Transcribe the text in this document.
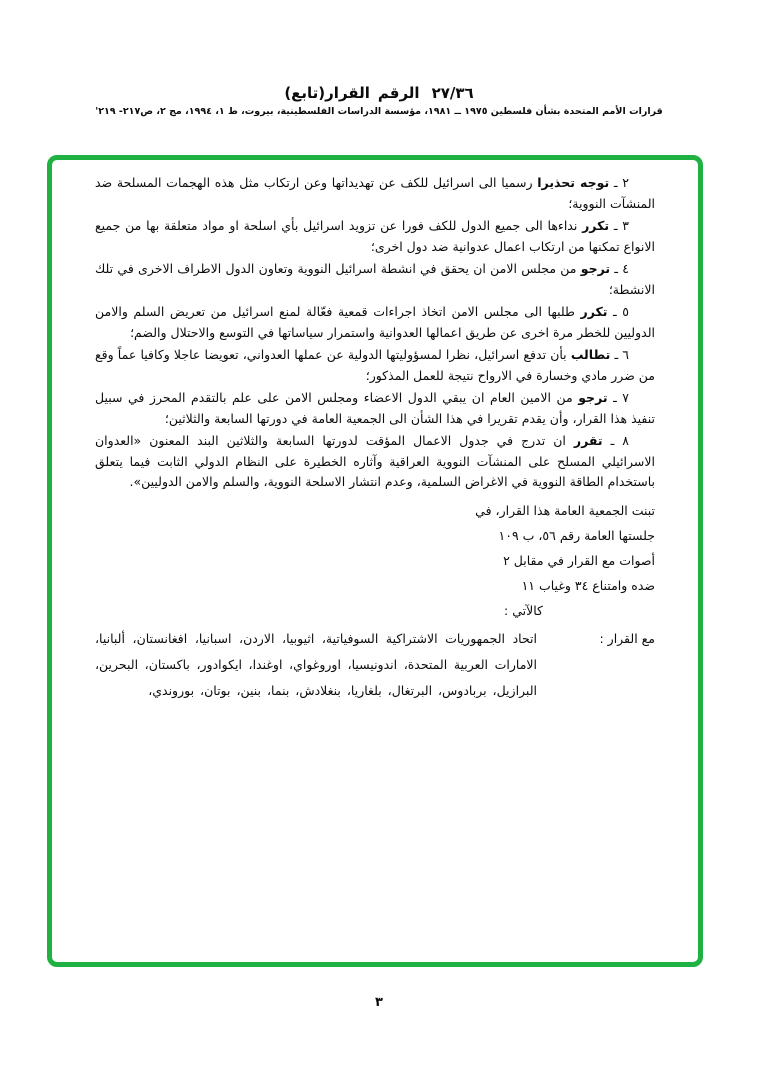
(تابع) القرار الرقم ٢٧/٣٦
قرارات الأمم المتحدة بشأن فلسطين ١٩٧٥ ــ ١٩٨١، مؤسسة الدراسات الفلسطينية، بيروت، ط ١، ١٩٩٤، مج ٢، ص٢١٧- ٢١٩'

٢ ـ توجه تحذيرا رسميا الى اسرائيل للكف عن تهديداتها وعن ارتكاب مثل هذه الهجمات المسلحة ضد المنشآت النووية؛

٣ ـ تكرر نداءها الى جميع الدول للكف فورا عن تزويد اسرائيل بأي اسلحة او مواد متعلقة بها من جميع الانواع تمكنها من ارتكاب اعمال عدوانية ضد دول اخرى؛

٤ ـ ترجو من مجلس الامن ان يحقق في انشطة اسرائيل النووية وتعاون الدول الاطراف الاخرى في تلك الانشطة؛

٥ ـ تكرر طلبها الى مجلس الامن اتخاذ اجراءات قمعية فعّالة لمنع اسرائيل من تعريض السلم والامن الدوليين للخطر مرة اخرى عن طريق اعمالها العدوانية واستمرار سياساتها في التوسع والاحتلال والضم؛

٦ ـ تطالب بأن تدفع اسرائيل، نظرا لمسؤوليتها الدولية عن عملها العدواني، تعويضا عاجلا وكافيا عماً وقع من ضرر مادي وخسارة في الارواح نتيجة للعمل المذكور؛

٧ ـ ترجو من الامين العام ان يبقي الدول الاعضاء ومجلس الامن على علم بالتقدم المحرز في سبيل تنفيذ هذا القرار، وأن يقدم تقريرا في هذا الشأن الى الجمعية العامة في دورتها السابعة والثلاثين؛

٨ ـ تقرر ان تدرج في جدول الاعمال المؤقت لدورتها السابعة والثلاثين البند المعنون «العدوان الاسرائيلي المسلح على المنشآت النووية العراقية وآثاره الخطيرة على النظام الدولي الثابت فيما يتعلق باستخدام الطاقة النووية في الاغراض السلمية، وعدم انتشار الاسلحة النووية، والسلم والامن الدوليين».

تبنت الجمعية العامة هذا القرار، في
جلستها العامة رقم ٥٦، ب ١٠٩
أصوات مع القرار في مقابل ٢
ضده وامتناع ٣٤ وغياب ١١
كالآتي :
مع القرار :
اتحاد الجمهوريات الاشتراكية السوفياتية، اثيوبيا، الاردن، اسبانيا، افغانستان، ألبانيا، الامارات العربية المتحدة، اندونيسيا، اوروغواي، اوغندا، ايكوادور، باكستان، البحرين، البرازيل، بربادوس، البرتغال، بلغاريا، بنغلادش، بنما، بنين، بوتان، بوروندي،
٣
